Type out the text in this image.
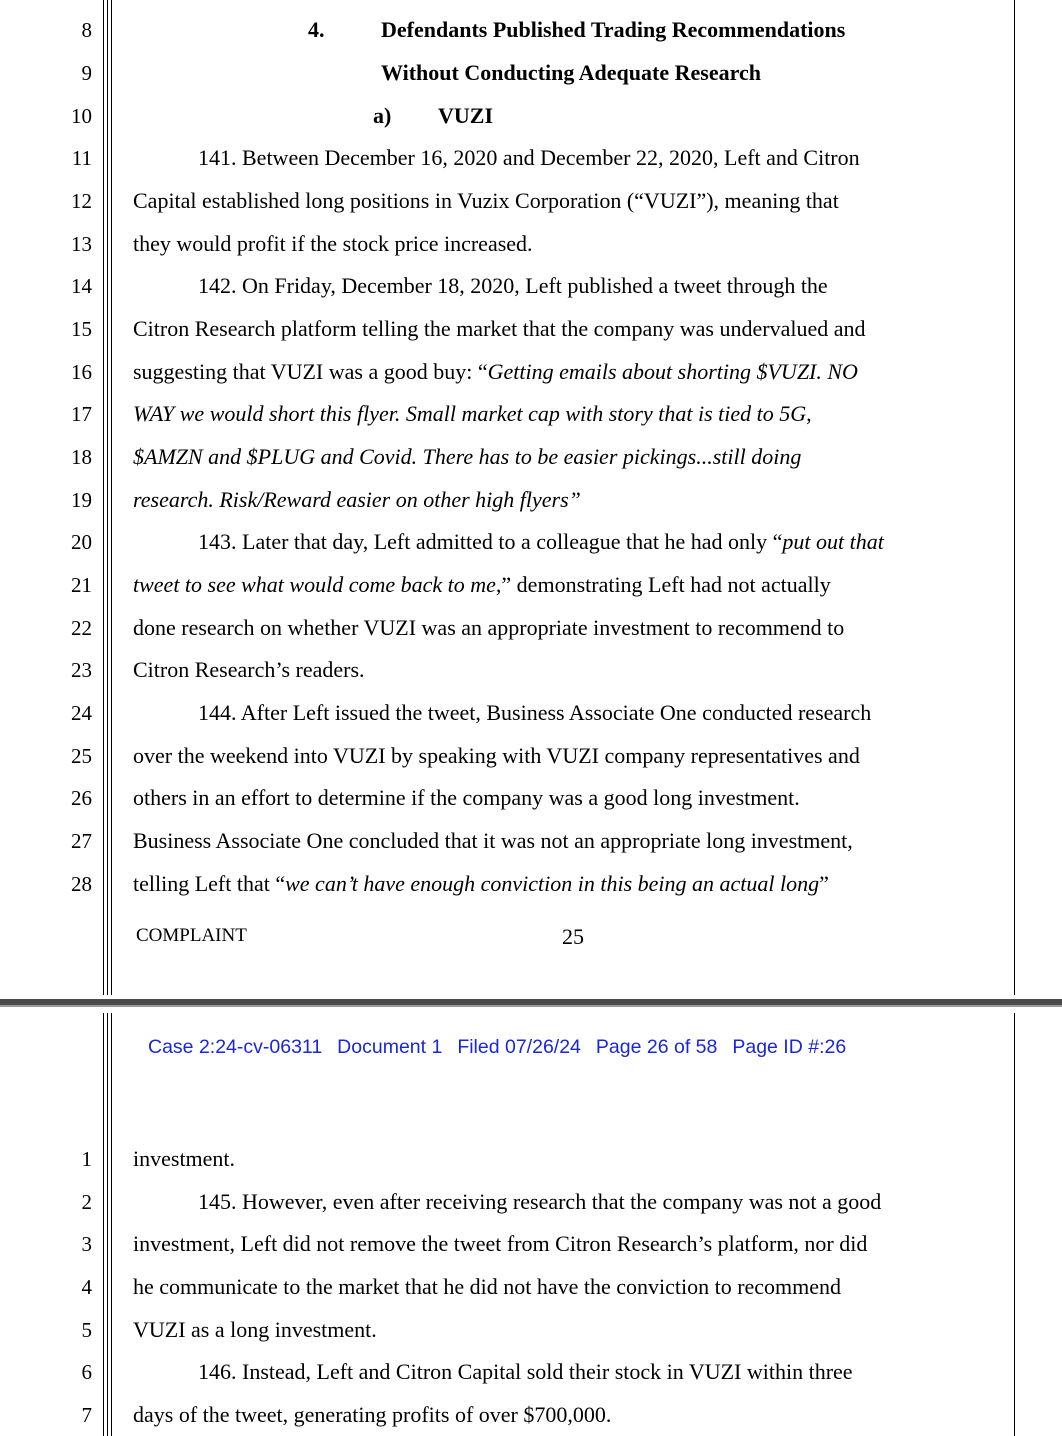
8
9
10
11
12
13
14
15
16
17
18
19
20
21
22
23
24
25
26
27
28
4.	Defendants Published Trading Recommendations
Without Conducting Adequate Research
a) VUZI
141. Between December 16, 2020 and December 22, 2020, Left and Citron
Capital established long positions in Vuzix Corporation (“VUZI”), meaning that
they would profit if the stock price increased.
142. On Friday, December 18, 2020, Left published a tweet through the
Citron Research platform telling the market that the company was undervalued and
suggesting that VUZI was a good buy: “Getting emails about shorting $VUZI. NO
WAY we would short this flyer. Small market cap with story that is tied to 5G,
$AMZN and $PLUG and Covid. There has to be easier pickings...still doing
research. Risk/Reward easier on other high flyers”
143. Later that day, Left admitted to a colleague that he had only “put out that
tweet to see what would come back to me,” demonstrating Left had not actually
done research on whether VUZI was an appropriate investment to recommend to
Citron Research’s readers.
144. After Left issued the tweet, Business Associate One conducted research
over the weekend into VUZI by speaking with VUZI company representatives and
others in an effort to determine if the company was a good long investment.
Business Associate One concluded that it was not an appropriate long investment,
telling Left that “we can’t have enough conviction in this being an actual long”
COMPLAINT	25
Case 2:24-cv-06311 Document 1 Filed 07/26/24 Page 26 of 58 Page ID #:26
1
2
3
4
5
6
7
investment.
145. However, even after receiving research that the company was not a good
investment, Left did not remove the tweet from Citron Research’s platform, nor did
he communicate to the market that he did not have the conviction to recommend
VUZI as a long investment.
146. Instead, Left and Citron Capital sold their stock in VUZI within three
days of the tweet, generating profits of over $700,000.
